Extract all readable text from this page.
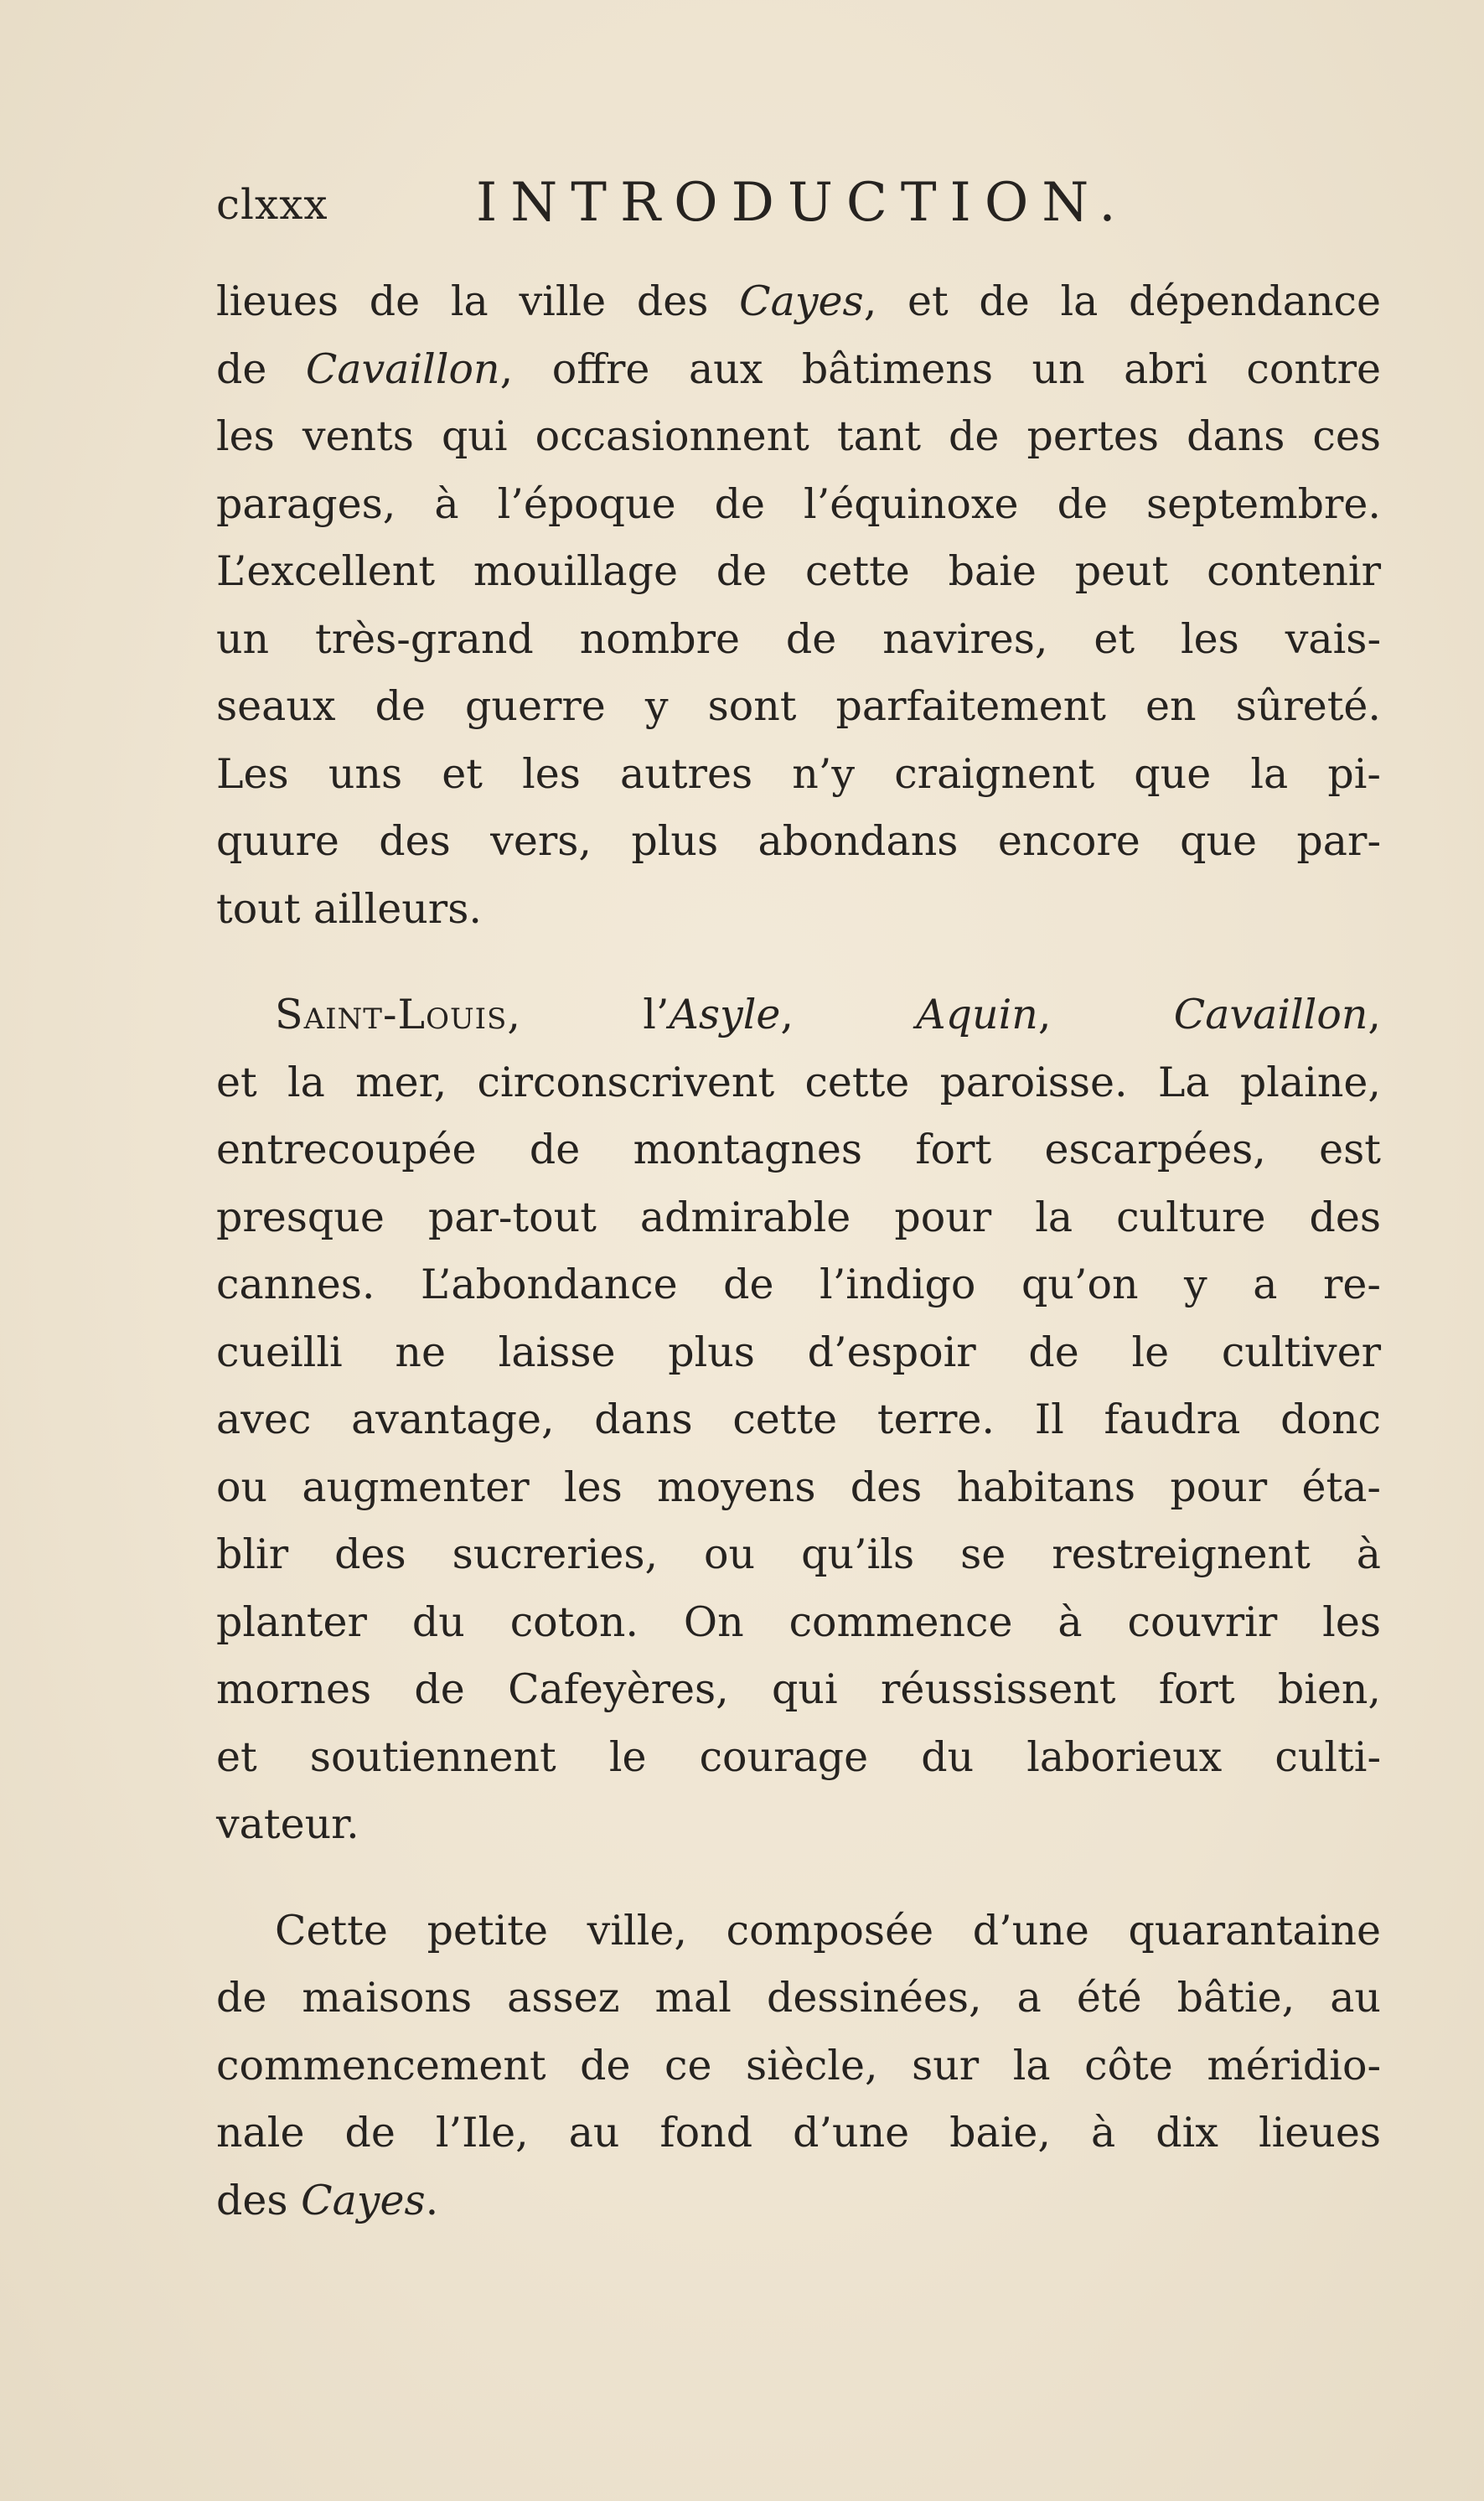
clxxx	INTRODUCTION.
lieues de la ville des Cayes, et de la dépendance
de Cavaillon, offre aux bâtimens un abri contre
les vents qui occasionnent tant de pertes dans ces
parages, à l’époque de l’équinoxe de septembre.
L’excellent mouillage de cette baie peut contenir
un très-grand nombre de navires, et les vais-
seaux de guerre y sont parfaitement en sûreté.
Les uns et les autres n’y craignent que la pi-
quure des vers, plus abondans encore que par-
tout ailleurs.
Saint-Louis, l’Asyle, Aquin, Cavaillon,
et la mer, circonscrivent cette paroisse. La plaine,
entrecoupée de montagnes fort escarpées, est
presque par-tout admirable pour la culture des
cannes. L’abondance de l’indigo qu’on y a re-
cueilli ne laisse plus d’espoir de le cultiver
avec avantage, dans cette terre. Il faudra donc
ou augmenter les moyens des habitans pour éta-
blir des sucreries, ou qu’ils se restreignent à
planter du coton. On commence à couvrir les
mornes de Cafeyères, qui réussissent fort bien,
et soutiennent le courage du laborieux culti-
vateur.
Cette petite ville, composée d’une quarantaine
de maisons assez mal dessinées, a été bâtie, au
commencement de ce siècle, sur la côte méridio-
nale de l’Ile, au fond d’une baie, à dix lieues
des Cayes.
